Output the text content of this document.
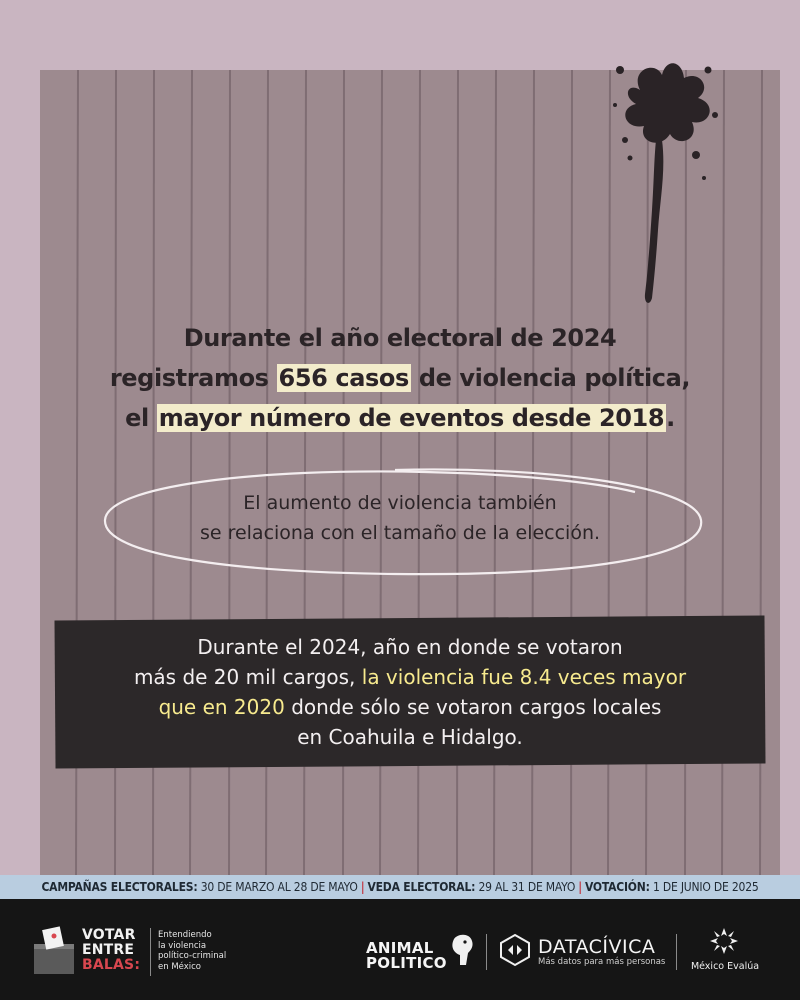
Durante el año electoral de 2024
registramos 656 casos de violencia política,
el mayor número de eventos desde 2018.
El aumento de violencia también
se relaciona con el tamaño de la elección.
Durante el 2024, año en donde se votaron
más de 20 mil cargos, la violencia fue 8.4 veces mayor
que en 2020 donde sólo se votaron cargos locales
en Coahuila e Hidalgo.
CAMPAÑAS ELECTORALES: 30 DE MARZO AL 28 DE MAYO | VEDA ELECTORAL: 29 AL 31 DE MAYO | VOTACIÓN: 1 DE JUNIO DE 2025
VOTAR
ENTRE
BALAS:
Entendiendo
la violencia
político-criminal
en México
ANIMAL
POLITICO
DATACÍVICA
Más datos para más personas	México Evalúa
